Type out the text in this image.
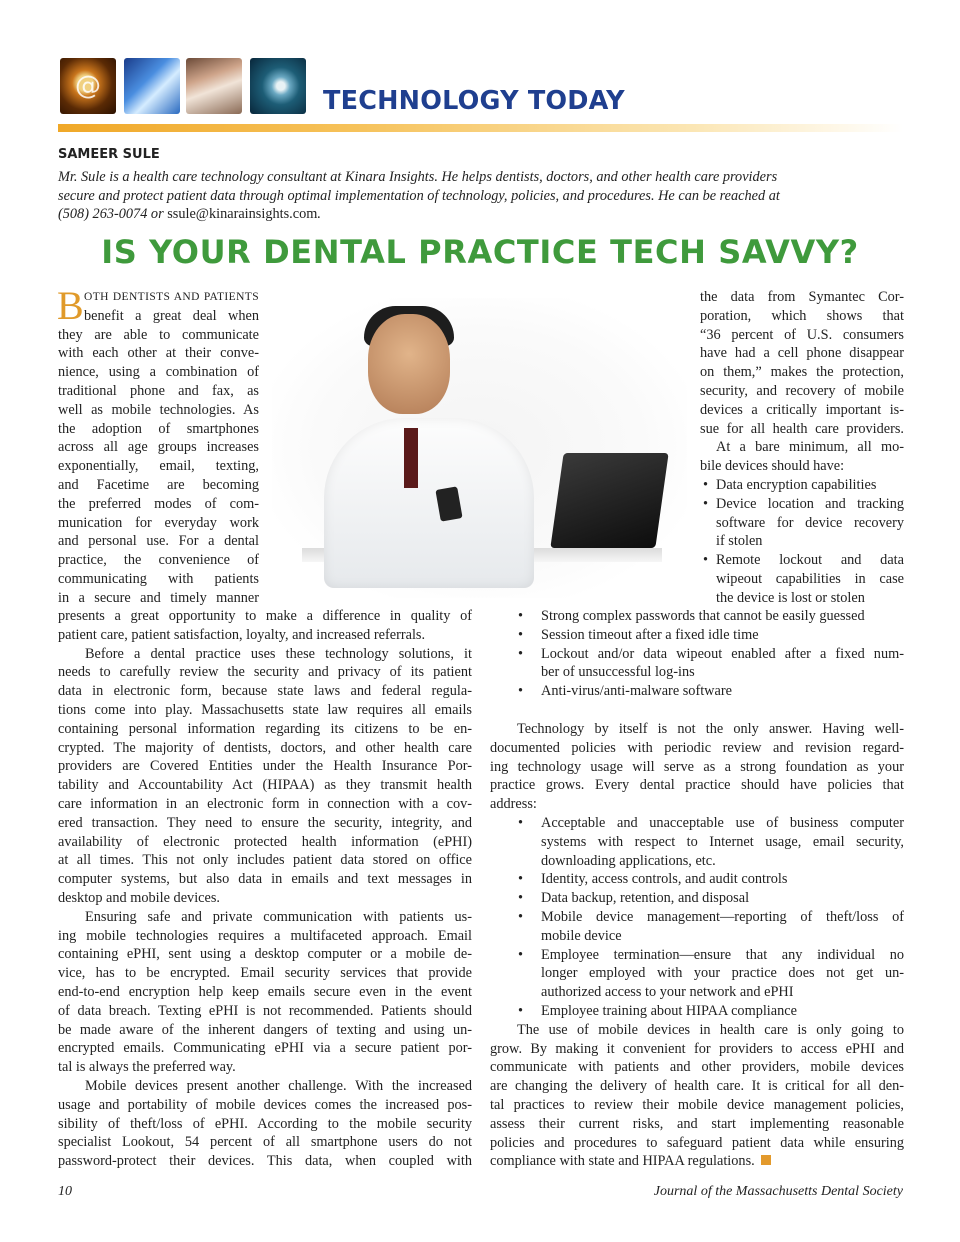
@	TECHNOLOGY TODAY
SAMEER SULE

Mr. Sule is a health care technology consultant at Kinara Insights. He helps dentists, doctors, and other health care providers
secure and protect patient data through optimal implementation of technology, policies, and procedures. He can be reached at
(508) 263-0074 or ssule@kinarainsights.com.

IS YOUR DENTAL PRACTICE TECH SAVVY?
B OTH DENTISTS AND PATIENTS
benefit a great deal when
they are able to communicate
with each other at their conve-
nience, using a combination of
traditional phone and fax, as
well as mobile technologies. As
the adoption of smartphones
across all age groups increases
exponentially, email, texting,
and Facetime are becoming
the preferred modes of com-
munication for everyday work
and personal use. For a dental
practice, the convenience of
communicating with patients
in a secure and timely manner
presents a great opportunity to make a difference in quality of
patient care, patient satisfaction, loyalty, and increased referrals.
Before a dental practice uses these technology solutions, it
needs to carefully review the security and privacy of its patient
data in electronic form, because state laws and federal regula-
tions come into play. Massachusetts state law requires all emails
containing personal information regarding its citizens to be en-
crypted. The majority of dentists, doctors, and other health care
providers are Covered Entities under the Health Insurance Por-
tability and Accountability Act (HIPAA) as they transmit health
care information in an electronic form in connection with a cov-
ered transaction. They need to ensure the security, integrity, and
availability of electronic protected health information (ePHI)
at all times. This not only includes patient data stored on office
computer systems, but also data in emails and text messages in
desktop and mobile devices.
Ensuring safe and private communication with patients us-
ing mobile technologies requires a multifaceted approach. Email
containing ePHI, sent using a desktop computer or a mobile de-
vice, has to be encrypted. Email security services that provide
end-to-end encryption help keep emails secure even in the event
of data breach. Texting ePHI is not recommended. Patients should
be made aware of the inherent dangers of texting and using un-
encrypted emails. Communicating ePHI via a secure patient por-
tal is always the preferred way.
Mobile devices present another challenge. With the increased
usage and portability of mobile devices comes the increased pos-
sibility of theft/loss of ePHI. According to the mobile security
specialist Lookout, 54 percent of all smartphone users do not
password-protect their devices. This data, when coupled with
the data from Symantec Cor-
poration, which shows that
“36 percent of U.S. consumers
have had a cell phone disappear
on them,” makes the protection,
security, and recovery of mobile
devices a critically important is-
sue for all health care providers.
At a bare minimum, all mo-
bile devices should have:
• Data encryption capabilities
• Device location and tracking
software for device recovery
if stolen
• Remote lockout and data
wipeout capabilities in case
the device is lost or stolen
• Strong complex passwords that cannot be easily guessed
• Session timeout after a fixed idle time
• Lockout and/or data wipeout enabled after a fixed num-
ber of unsuccessful log-ins
• Anti-virus/anti-malware software
Technology by itself is not the only answer. Having well-
documented policies with periodic review and revision regard-
ing technology usage will serve as a strong foundation as your
practice grows. Every dental practice should have policies that
address:
• Acceptable and unacceptable use of business computer
systems with respect to Internet usage, email security,
downloading applications, etc.
• Identity, access controls, and audit controls
• Data backup, retention, and disposal
• Mobile device management—reporting of theft/loss of
mobile device
• Employee termination—ensure that any individual no
longer employed with your practice does not get un-
authorized access to your network and ePHI
• Employee training about HIPAA compliance
The use of mobile devices in health care is only going to
grow. By making it convenient for providers to access ePHI and
communicate with patients and other providers, mobile devices
are changing the delivery of health care. It is critical for all den-
tal practices to review their mobile device management policies,
assess their current risks, and start implementing reasonable
policies and procedures to safeguard patient data while ensuring
compliance with state and HIPAA regulations.
10	Journal of the Massachusetts Dental Society
